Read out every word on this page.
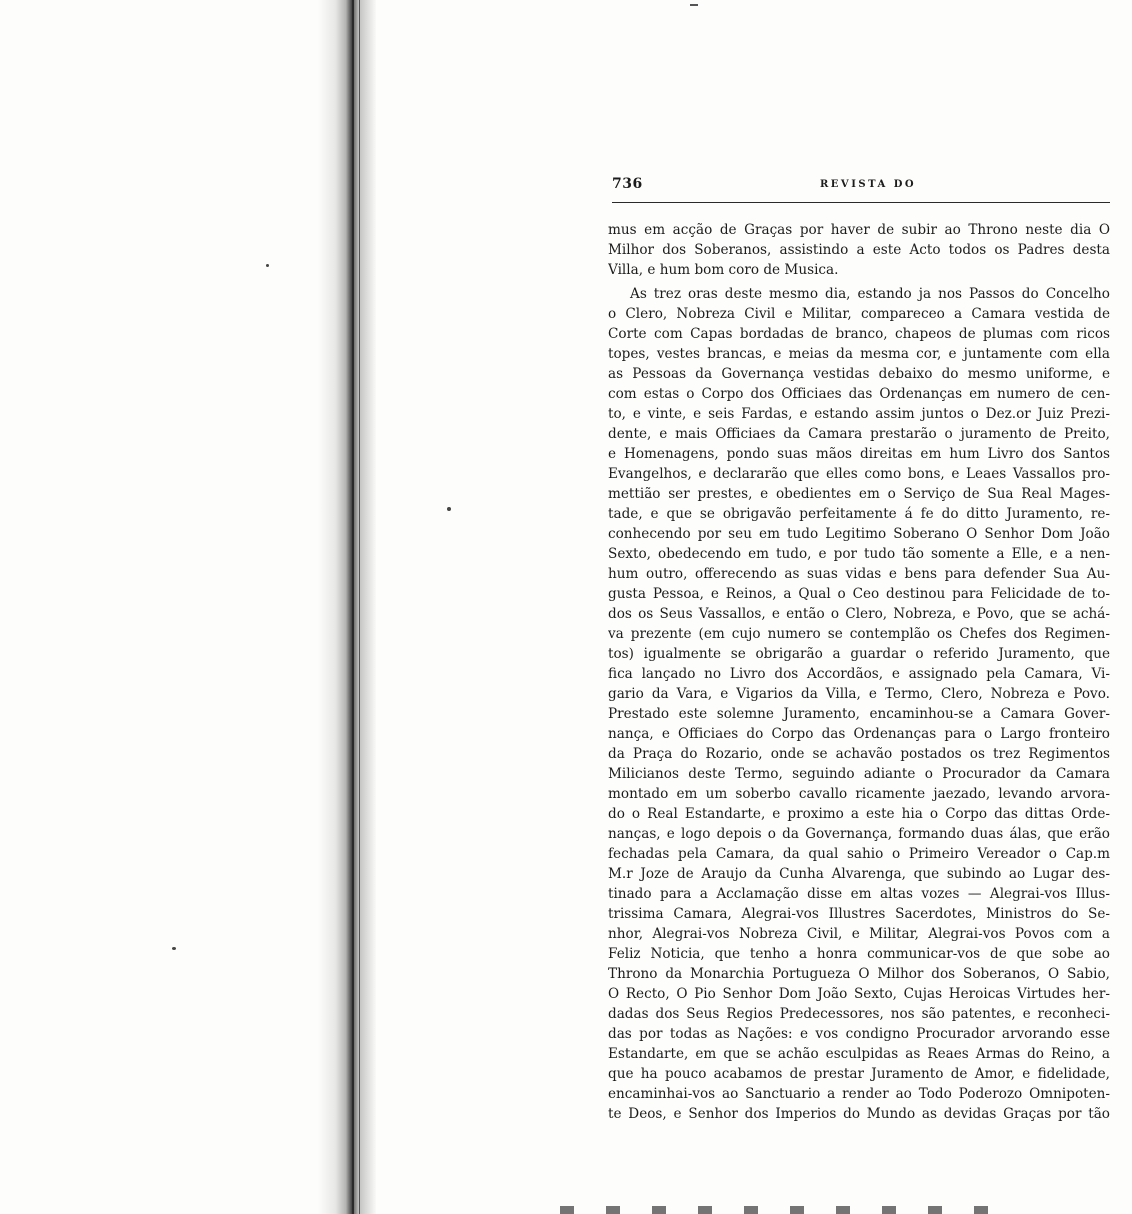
736	REVISTA DO
mus em acção de Graças por haver de subir ao Throno neste dia O
Milhor dos Soberanos, assistindo a este Acto todos os Padres desta
Villa, e hum bom coro de Musica.
As trez oras deste mesmo dia, estando ja nos Passos do Concelho
o Clero, Nobreza Civil e Militar, compareceo a Camara vestida de
Corte com Capas bordadas de branco, chapeos de plumas com ricos
topes, vestes brancas, e meias da mesma cor, e juntamente com ella
as Pessoas da Governança vestidas debaixo do mesmo uniforme, e
com estas o Corpo dos Officiaes das Ordenanças em numero de cen-
to, e vinte, e seis Fardas, e estando assim juntos o Dez.or Juiz Prezi-
dente, e mais Officiaes da Camara prestarão o juramento de Preito,
e Homenagens, pondo suas mãos direitas em hum Livro dos Santos
Evangelhos, e declararão que elles como bons, e Leaes Vassallos pro-
mettião ser prestes, e obedientes em o Serviço de Sua Real Mages-
tade, e que se obrigavão perfeitamente á fe do ditto Juramento, re-
conhecendo por seu em tudo Legitimo Soberano O Senhor Dom João
Sexto, obedecendo em tudo, e por tudo tão somente a Elle, e a nen-
hum outro, offerecendo as suas vidas e bens para defender Sua Au-
gusta Pessoa, e Reinos, a Qual o Ceo destinou para Felicidade de to-
dos os Seus Vassallos, e então o Clero, Nobreza, e Povo, que se achá-
va prezente (em cujo numero se contemplão os Chefes dos Regimen-
tos) igualmente se obrigarão a guardar o referido Juramento, que
fica lançado no Livro dos Accordãos, e assignado pela Camara, Vi-
gario da Vara, e Vigarios da Villa, e Termo, Clero, Nobreza e Povo.
Prestado este solemne Juramento, encaminhou-se a Camara Gover-
nança, e Officiaes do Corpo das Ordenanças para o Largo fronteiro
da Praça do Rozario, onde se achavão postados os trez Regimentos
Milicianos deste Termo, seguindo adiante o Procurador da Camara
montado em um soberbo cavallo ricamente jaezado, levando arvora-
do o Real Estandarte, e proximo a este hia o Corpo das dittas Orde-
nanças, e logo depois o da Governança, formando duas álas, que erão
fechadas pela Camara, da qual sahio o Primeiro Vereador o Cap.m
M.r Joze de Araujo da Cunha Alvarenga, que subindo ao Lugar des-
tinado para a Acclamação disse em altas vozes — Alegrai-vos Illus-
trissima Camara, Alegrai-vos Illustres Sacerdotes, Ministros do Se-
nhor, Alegrai-vos Nobreza Civil, e Militar, Alegrai-vos Povos com a
Feliz Noticia, que tenho a honra communicar-vos de que sobe ao
Throno da Monarchia Portugueza O Milhor dos Soberanos, O Sabio,
O Recto, O Pio Senhor Dom João Sexto, Cujas Heroicas Virtudes her-
dadas dos Seus Regios Predecessores, nos são patentes, e reconheci-
das por todas as Nações: e vos condigno Procurador arvorando esse
Estandarte, em que se achão esculpidas as Reaes Armas do Reino, a
que ha pouco acabamos de prestar Juramento de Amor, e fidelidade,
encaminhai-vos ao Sanctuario a render ao Todo Poderozo Omnipoten-
te Deos, e Senhor dos Imperios do Mundo as devidas Graças por tão
